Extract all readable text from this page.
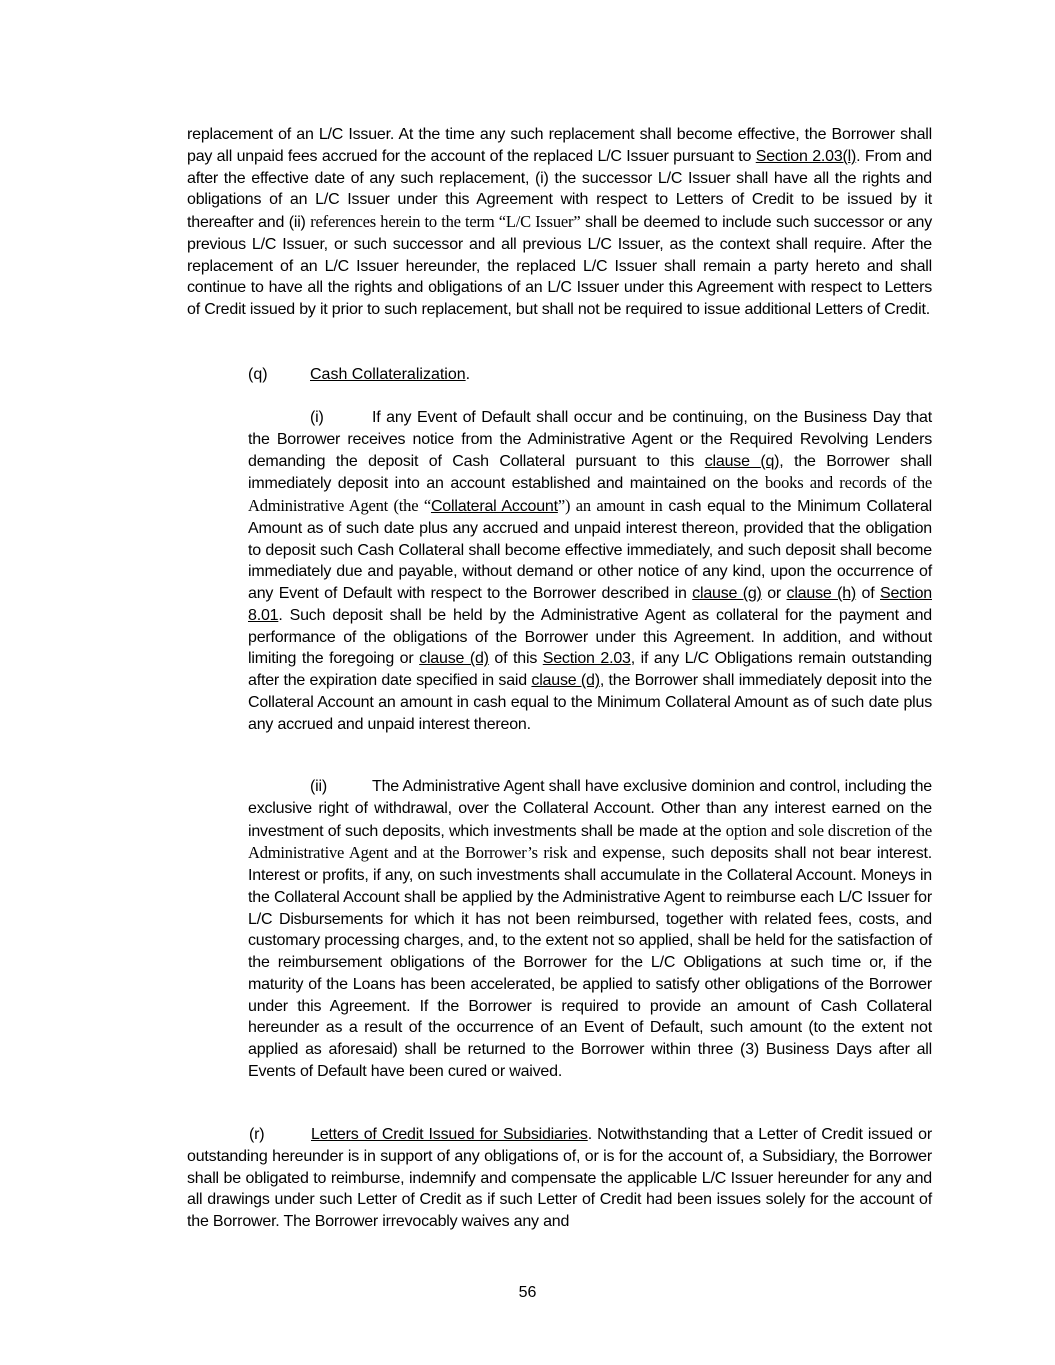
replacement of an L/C Issuer. At the time any such replacement shall become effective, the Borrower shall pay all unpaid fees accrued for the account of the replaced L/C Issuer pursuant to Section 2.03(l). From and after the effective date of any such replacement, (i) the successor L/C Issuer shall have all the rights and obligations of an L/C Issuer under this Agreement with respect to Letters of Credit to be issued by it thereafter and (ii) references herein to the term “L/C Issuer” shall be deemed to include such successor or any previous L/C Issuer, or such successor and all previous L/C Issuer, as the context shall require. After the replacement of an L/C Issuer hereunder, the replaced L/C Issuer shall remain a party hereto and shall continue to have all the rights and obligations of an L/C Issuer under this Agreement with respect to Letters of Credit issued by it prior to such replacement, but shall not be required to issue additional Letters of Credit.

(q)	Cash Collateralization.

(i)	If any Event of Default shall occur and be continuing, on the Business Day that the Borrower receives notice from the Administrative Agent or the Required Revolving Lenders demanding the deposit of Cash Collateral pursuant to this clause (q), the Borrower shall immediately deposit into an account established and maintained on the books and records of the Administrative Agent (the “Collateral Account”) an amount in cash equal to the Minimum Collateral Amount as of such date plus any accrued and unpaid interest thereon, provided that the obligation to deposit such Cash Collateral shall become effective immediately, and such deposit shall become immediately due and payable, without demand or other notice of any kind, upon the occurrence of any Event of Default with respect to the Borrower described in clause (g) or clause (h) of Section 8.01. Such deposit shall be held by the Administrative Agent as collateral for the payment and performance of the obligations of the Borrower under this Agreement. In addition, and without limiting the foregoing or clause (d) of this Section 2.03, if any L/C Obligations remain outstanding after the expiration date specified in said clause (d), the Borrower shall immediately deposit into the Collateral Account an amount in cash equal to the Minimum Collateral Amount as of such date plus any accrued and unpaid interest thereon.

(ii)	The Administrative Agent shall have exclusive dominion and control, including the exclusive right of withdrawal, over the Collateral Account. Other than any interest earned on the investment of such deposits, which investments shall be made at the option and sole discretion of the Administrative Agent and at the Borrower’s risk and expense, such deposits shall not bear interest. Interest or profits, if any, on such investments shall accumulate in the Collateral Account. Moneys in the Collateral Account shall be applied by the Administrative Agent to reimburse each L/C Issuer for L/C Disbursements for which it has not been reimbursed, together with related fees, costs, and customary processing charges, and, to the extent not so applied, shall be held for the satisfaction of the reimbursement obligations of the Borrower for the L/C Obligations at such time or, if the maturity of the Loans has been accelerated, be applied to satisfy other obligations of the Borrower under this Agreement. If the Borrower is required to provide an amount of Cash Collateral hereunder as a result of the occurrence of an Event of Default, such amount (to the extent not applied as aforesaid) shall be returned to the Borrower within three (3) Business Days after all Events of Default have been cured or waived.

(r)	Letters of Credit Issued for Subsidiaries. Notwithstanding that a Letter of Credit issued or outstanding hereunder is in support of any obligations of, or is for the account of, a Subsidiary, the Borrower shall be obligated to reimburse, indemnify and compensate the applicable L/C Issuer hereunder for any and all drawings under such Letter of Credit as if such Letter of Credit had been issues solely for the account of the Borrower. The Borrower irrevocably waives any and

56
